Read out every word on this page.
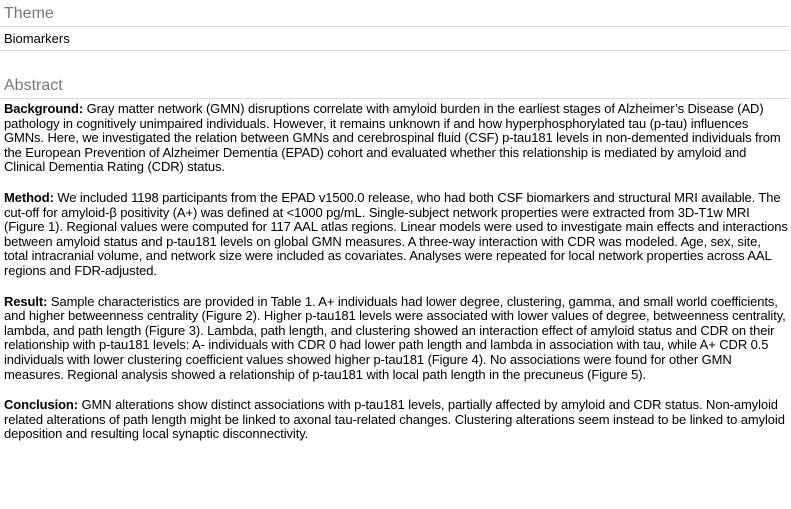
Theme
Biomarkers
Abstract

Background: Gray matter network (GMN) disruptions correlate with amyloid burden in the earliest stages of Alzheimer’s Disease (AD) pathology in cognitively unimpaired individuals. However, it remains unknown if and how hyperphosphorylated tau (p-tau) influences GMNs. Here, we investigated the relation between GMNs and cerebrospinal fluid (CSF) p-tau181 levels in non-demented individuals from the European Prevention of Alzheimer Dementia (EPAD) cohort and evaluated whether this relationship is mediated by amyloid and Clinical Dementia Rating (CDR) status.

Method: We included 1198 participants from the EPAD v1500.0 release, who had both CSF biomarkers and structural MRI available. The cut-off for amyloid-β positivity (A+) was defined at <1000 pg/mL. Single-subject network properties were extracted from 3D-T1w MRI (Figure 1). Regional values were computed for 117 AAL atlas regions. Linear models were used to investigate main effects and interactions between amyloid status and p-tau181 levels on global GMN measures. A three-way interaction with CDR was modeled. Age, sex, site, total intracranial volume, and network size were included as covariates. Analyses were repeated for local network properties across AAL regions and FDR-adjusted.

Result: Sample characteristics are provided in Table 1. A+ individuals had lower degree, clustering, gamma, and small world coefficients, and higher betweenness centrality (Figure 2). Higher p-tau181 levels were associated with lower values of degree, betweenness centrality, lambda, and path length (Figure 3). Lambda, path length, and clustering showed an interaction effect of amyloid status and CDR on their relationship with p-tau181 levels: A- individuals with CDR 0 had lower path length and lambda in association with tau, while A+ CDR 0.5 individuals with lower clustering coefficient values showed higher p-tau181 (Figure 4). No associations were found for other GMN measures. Regional analysis showed a relationship of p-tau181 with local path length in the precuneus (Figure 5).

Conclusion: GMN alterations show distinct associations with p-tau181 levels, partially affected by amyloid and CDR status. Non-amyloid related alterations of path length might be linked to axonal tau-related changes. Clustering alterations seem instead to be linked to amyloid deposition and resulting local synaptic disconnectivity.
